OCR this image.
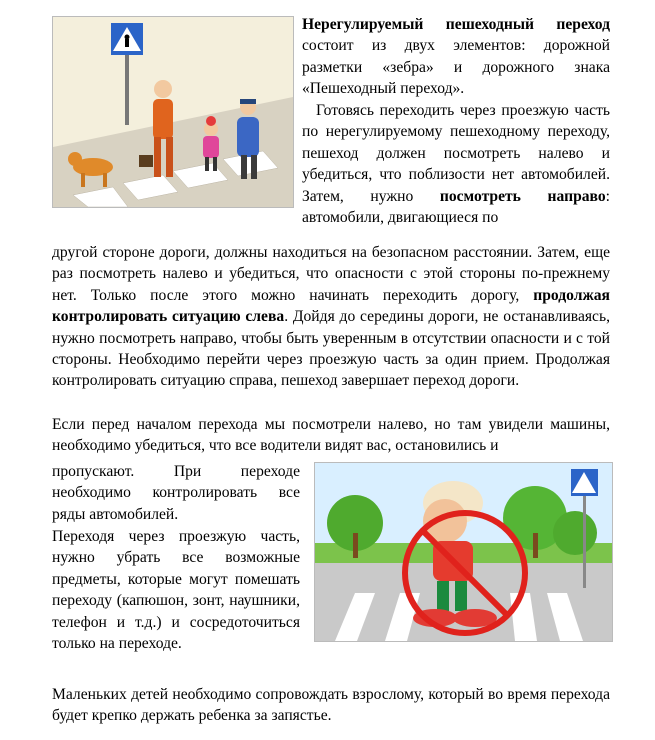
Нерегулируемый пешеходный переход состоит из двух элементов: дорожной разметки «зебра» и дорожного знака «Пешеходный переход».
Готовясь переходить через проезжую часть по нерегулируемому пешеходному переходу, пешеход должен посмотреть налево и убедиться, что поблизости нет автомобилей. Затем, нужно посмотреть направо: автомобили, двигающиеся по
другой стороне дороги, должны находиться на безопасном расстоянии. Затем, еще раз посмотреть налево и убедиться, что опасности с этой стороны по-прежнему нет. Только после этого можно начинать переходить дорогу, продолжая контролировать ситуацию слева. Дойдя до середины дороги, не останавливаясь, нужно посмотреть направо, чтобы быть уверенным в отсутствии опасности и с той стороны. Необходимо перейти через проезжую часть за один прием. Продолжая контролировать ситуацию справа, пешеход завершает переход дороги.
Если перед началом перехода мы посмотрели налево, но там увидели машины, необходимо убедиться, что все водители видят вас, остановились и
пропускают. При переходе необходимо контролировать все ряды автомобилей.
Переходя через проезжую часть, нужно убрать все возможные предметы, которые могут помешать переходу (капюшон, зонт, наушники, телефон и т.д.) и сосредоточиться только на переходе.
Маленьких детей необходимо сопровождать взрослому, который во время перехода будет крепко держать ребенка за запястье.
